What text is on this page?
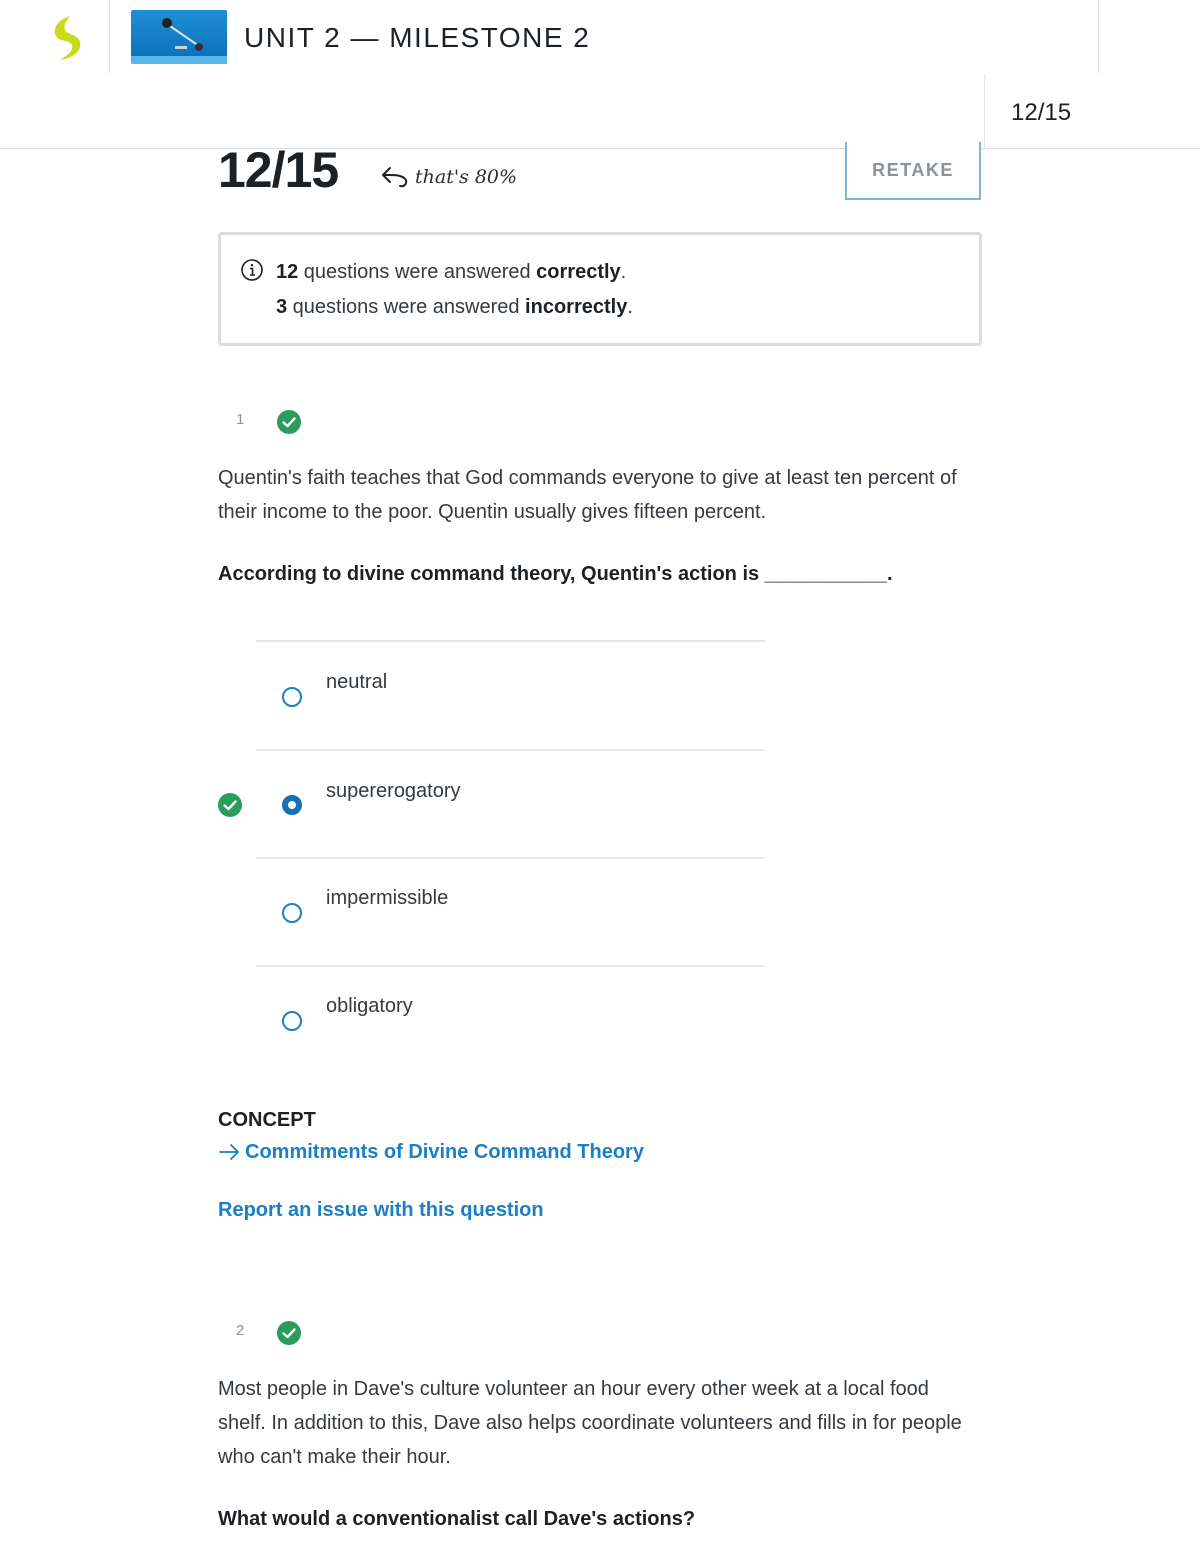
UNIT 2 — MILESTONE 2
12/15
12/15	that's 80%	RETAKE
12 questions were answered correctly.
3 questions were answered incorrectly.
1
Quentin's faith teaches that God commands everyone to give at least ten percent of their income to the poor. Quentin usually gives fifteen percent.
According to divine command theory, Quentin's action is ___________.
neutral
supererogatory
impermissible
obligatory
CONCEPT
Commitments of Divine Command Theory
Report an issue with this question
2
Most people in Dave's culture volunteer an hour every other week at a local food shelf. In addition to this, Dave also helps coordinate volunteers and fills in for people who can't make their hour.
What would a conventionalist call Dave's actions?
